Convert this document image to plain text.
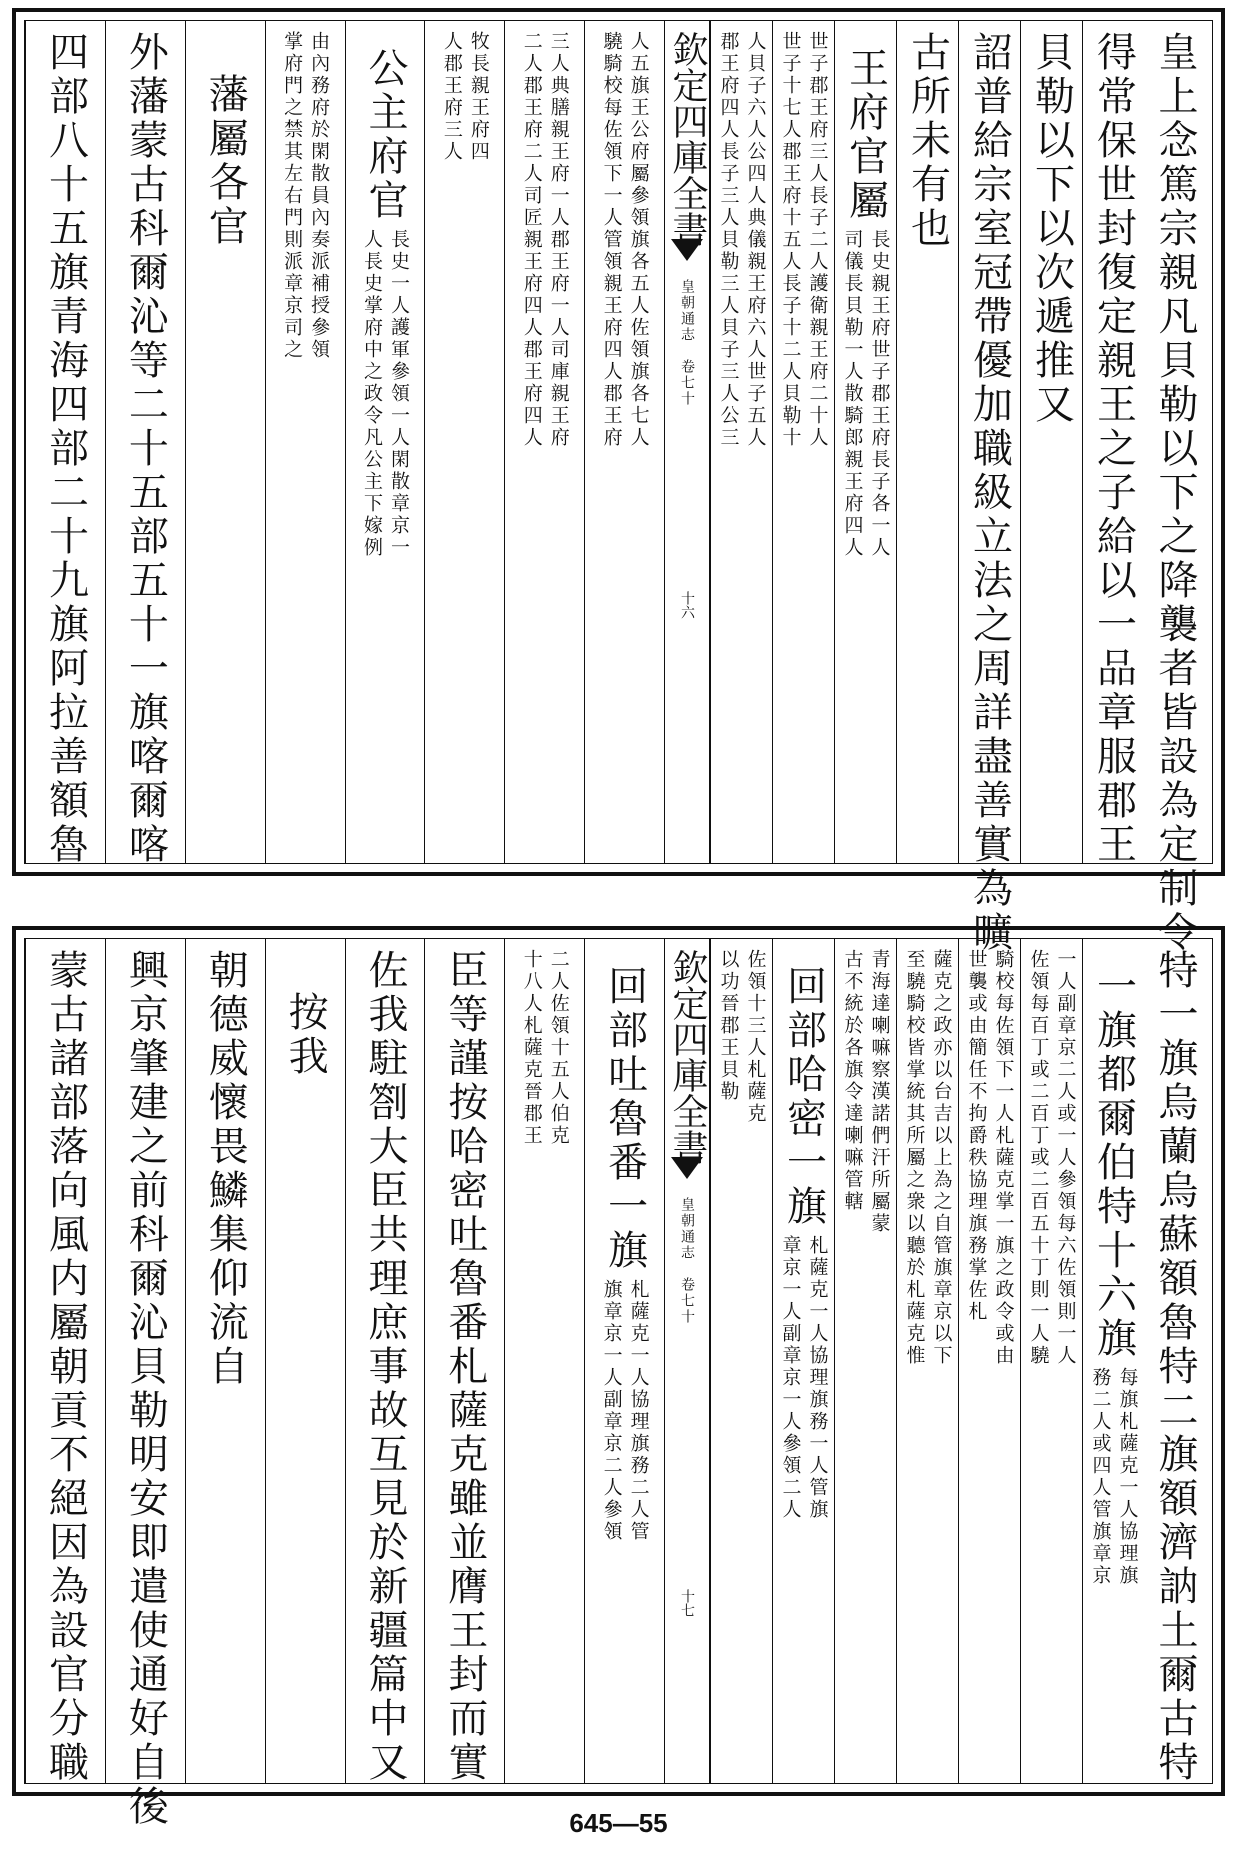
皇上念篤宗親凡貝勒以下之降襲者皆設為定制令
得常保世封復定親王之子給以一品章服郡王
貝勒以下以次遞推又
詔普給宗室冠帶優加職級立法之周詳盡善實為曠
古所未有也
王府官屬
長史親王府世子郡王府長子各一人
司儀長貝勒一人散騎郎親王府四人
世子郡王府三人長子二人護衛親王府二十人
世子十七人郡王府十五人長子十二人貝勒十
人貝子六人公四人典儀親王府六人世子五人
郡王府四人長子三人貝勒三人貝子三人公三
欽定四庫全書
皇朝通志　卷七十
十六
人五旗王公府屬參領旗各五人佐領旗各七人
驍騎校每佐領下一人管領親王府四人郡王府
三人典膳親王府一人郡王府一人司庫親王府
二人郡王府二人司匠親王府四人郡王府四人
牧長親王府四
人郡王府三人
公主府官
長史一人護軍參領一人閑散章京一
人長史掌府中之政令凡公主下嫁例
由內務府於閑散員內奏派補授參領
掌府門之禁其左右門則派章京司之
藩屬各官
外藩蒙古科爾沁等二十五部五十一旗喀爾喀
四部八十五旗青海四部二十九旗阿拉善額魯
特一旗烏蘭烏蘇額魯特二旗額濟訥土爾古特
一旗都爾伯特十六旗
每旗札薩克一人協理旗
務二人或四人管旗章京
一人副章京二人或一人參領每六佐領則一人
佐領每百丁或二百丁或二百五十丁則一人驍
騎校每佐領下一人札薩克掌一旗之政令或由
世襲或由簡任不拘爵秩協理旗務掌佐札
薩克之政亦以台吉以上為之自管旗章京以下
至驍騎校皆掌統其所屬之衆以聽於札薩克惟
青海達喇嘛察漢諾們汗所屬蒙
古不統於各旗令達喇嘛管轄
回部哈密一旗
札薩克一人協理旗務一人管旗
章京一人副章京一人參領二人
佐領十三人札薩克
以功晉郡王貝勒
欽定四庫全書
皇朝通志　卷七十
十七
回部吐魯番一旗
札薩克一人協理旗務二人管
旗章京一人副章京二人參領
二人佐領十五人伯克
十八人札薩克晉郡王
臣等謹按哈密吐魯番札薩克雖並膺王封而實
佐我駐劄大臣共理庶事故互見於新疆篇中又
按我
朝德威懷畏鱗集仰流自
興京肇建之前科爾沁貝勒明安即遣使通好自後
蒙古諸部落向風内屬朝貢不絕因為設官分職
645—55
